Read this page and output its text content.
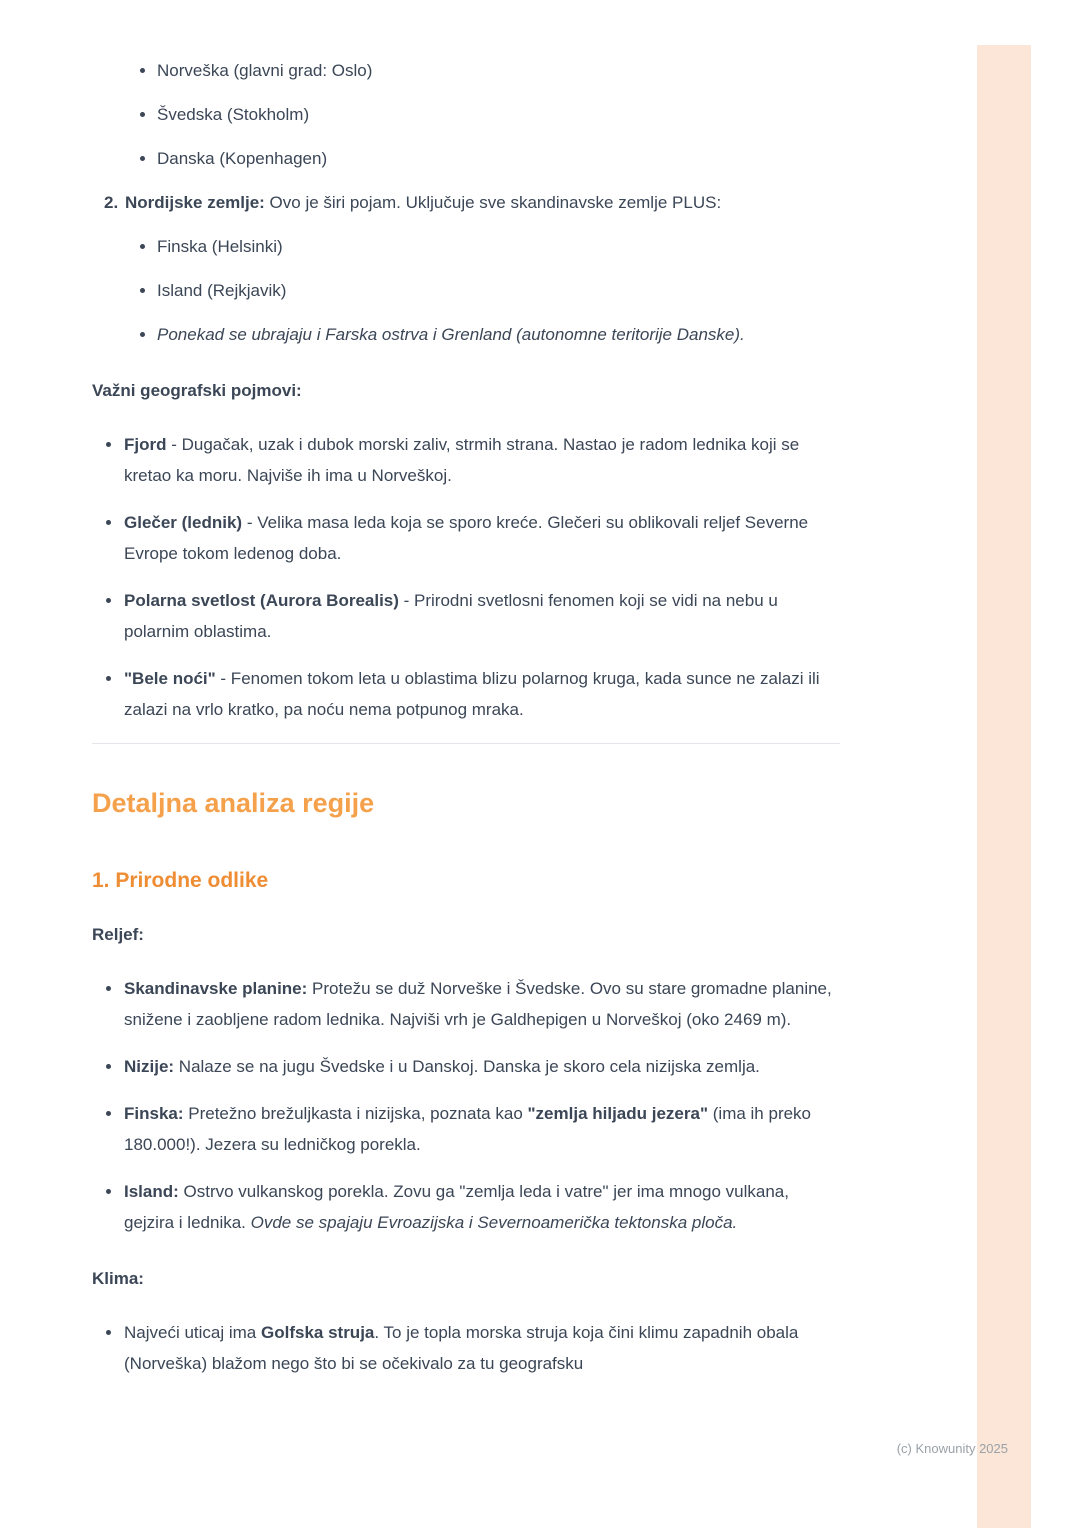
Norveška (glavni grad: Oslo)
Švedska (Stokholm)
Danska (Kopenhagen)
2. Nordijske zemlje: Ovo je širi pojam. Uključuje sve skandinavske zemlje PLUS:

Finska (Helsinki)
Island (Rejkjavik)
Ponekad se ubrajaju i Farska ostrva i Grenland (autonomne teritorije Danske).
Važni geografski pojmovi:
Fjord - Dugačak, uzak i dubok morski zaliv, strmih strana. Nastao je radom lednika koji se kretao ka moru. Najviše ih ima u Norveškoj.
Glečer (lednik) - Velika masa leda koja se sporo kreće. Glečeri su oblikovali reljef Severne Evrope tokom ledenog doba.
Polarna svetlost (Aurora Borealis) - Prirodni svetlosni fenomen koji se vidi na nebu u polarnim oblastima.
"Bele noći" - Fenomen tokom leta u oblastima blizu polarnog kruga, kada sunce ne zalazi ili zalazi na vrlo kratko, pa noću nema potpunog mraka.
Detaljna analiza regije
1. Prirodne odlike
Reljef:
Skandinavske planine: Protežu se duž Norveške i Švedske. Ovo su stare gromadne planine, snižene i zaobljene radom lednika. Najviši vrh je Galdhepigen u Norveškoj (oko 2469 m).
Nizije: Nalaze se na jugu Švedske i u Danskoj. Danska je skoro cela nizijska zemlja.
Finska: Pretežno brežuljkasta i nizijska, poznata kao "zemlja hiljadu jezera" (ima ih preko 180.000!). Jezera su ledničkog porekla.
Island: Ostrvo vulkanskog porekla. Zovu ga "zemlja leda i vatre" jer ima mnogo vulkana, gejzira i lednika. Ovde se spajaju Evroazijska i Severnoamerička tektonska ploča.
Klima:
Najveći uticaj ima Golfska struja. To je topla morska struja koja čini klimu zapadnih obala (Norveška) blažom nego što bi se očekivalo za tu geografsku
(c) Knowunity 2025
